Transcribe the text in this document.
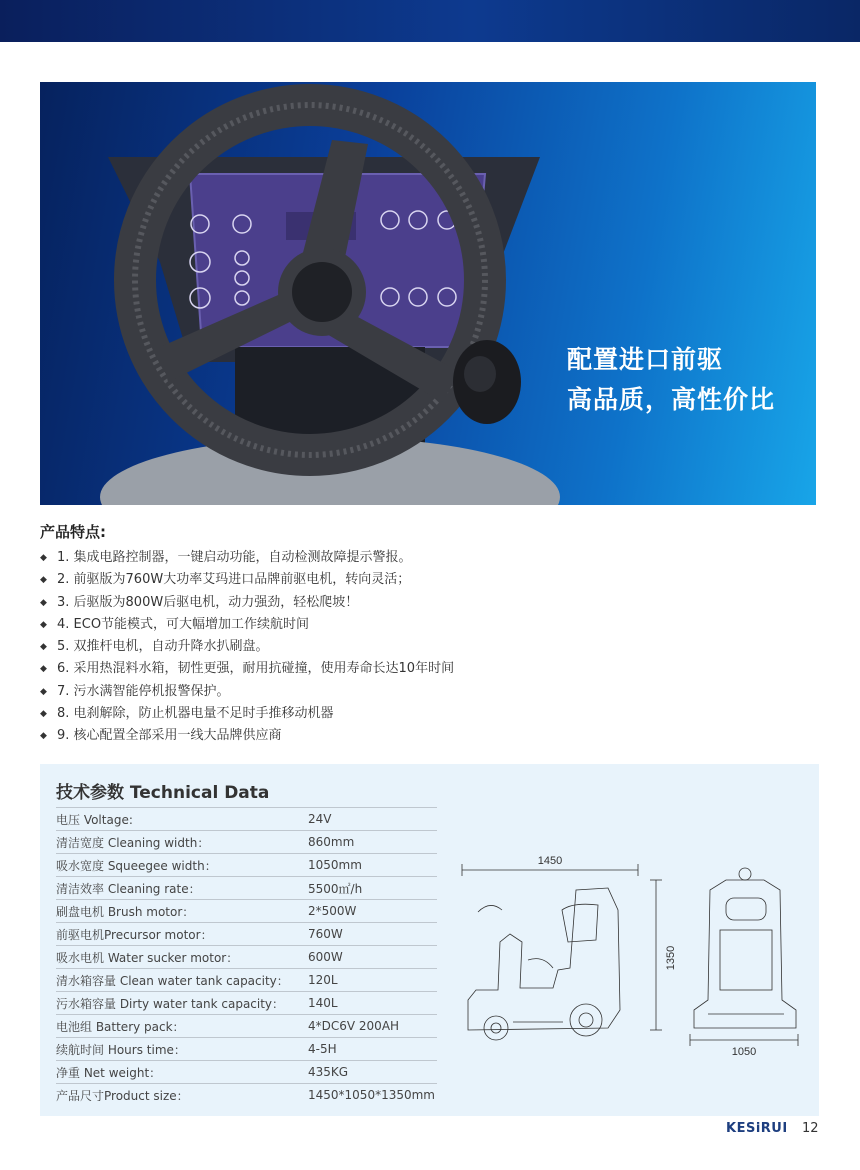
配置进口前驱
高品质，高性价比
产品特点:
◆ 1. 集成电路控制器，一键启动功能，自动检测故障提示警报。
◆ 2. 前驱版为760W大功率艾玛进口品牌前驱电机，转向灵活；
◆ 3. 后驱版为800W后驱电机，动力强劲，轻松爬坡！
◆ 4. ECO节能模式，可大幅增加工作续航时间
◆ 5. 双推杆电机，自动升降水扒刷盘。
◆ 6. 采用热混料水箱，韧性更强，耐用抗碰撞，使用寿命长达10年时间
◆ 7. 污水满智能停机报警保护。
◆ 8. 电刹解除，防止机器电量不足时手推移动机器
◆ 9. 核心配置全部采用一线大品牌供应商
技术参数 Technical Data
电压 Voltage:	24V
清洁宽度 Cleaning width：	860mm
吸水宽度 Squeegee width：	1050mm
清洁效率 Cleaning rate：	5500㎡/h
刷盘电机 Brush motor：	2*500W
前驱电机Precursor motor：	760W
吸水电机 Water sucker motor：	600W
清水箱容量 Clean water tank capacity：	120L
污水箱容量 Dirty water tank capacity：	140L
电池组 Battery pack：	4*DC6V 200AH
续航时间 Hours time：	4-5H
净重 Net weight：	435KG
产品尺寸Product size：	1450*1050*1350mm
1450
1350
1050
KESiRUI 12
